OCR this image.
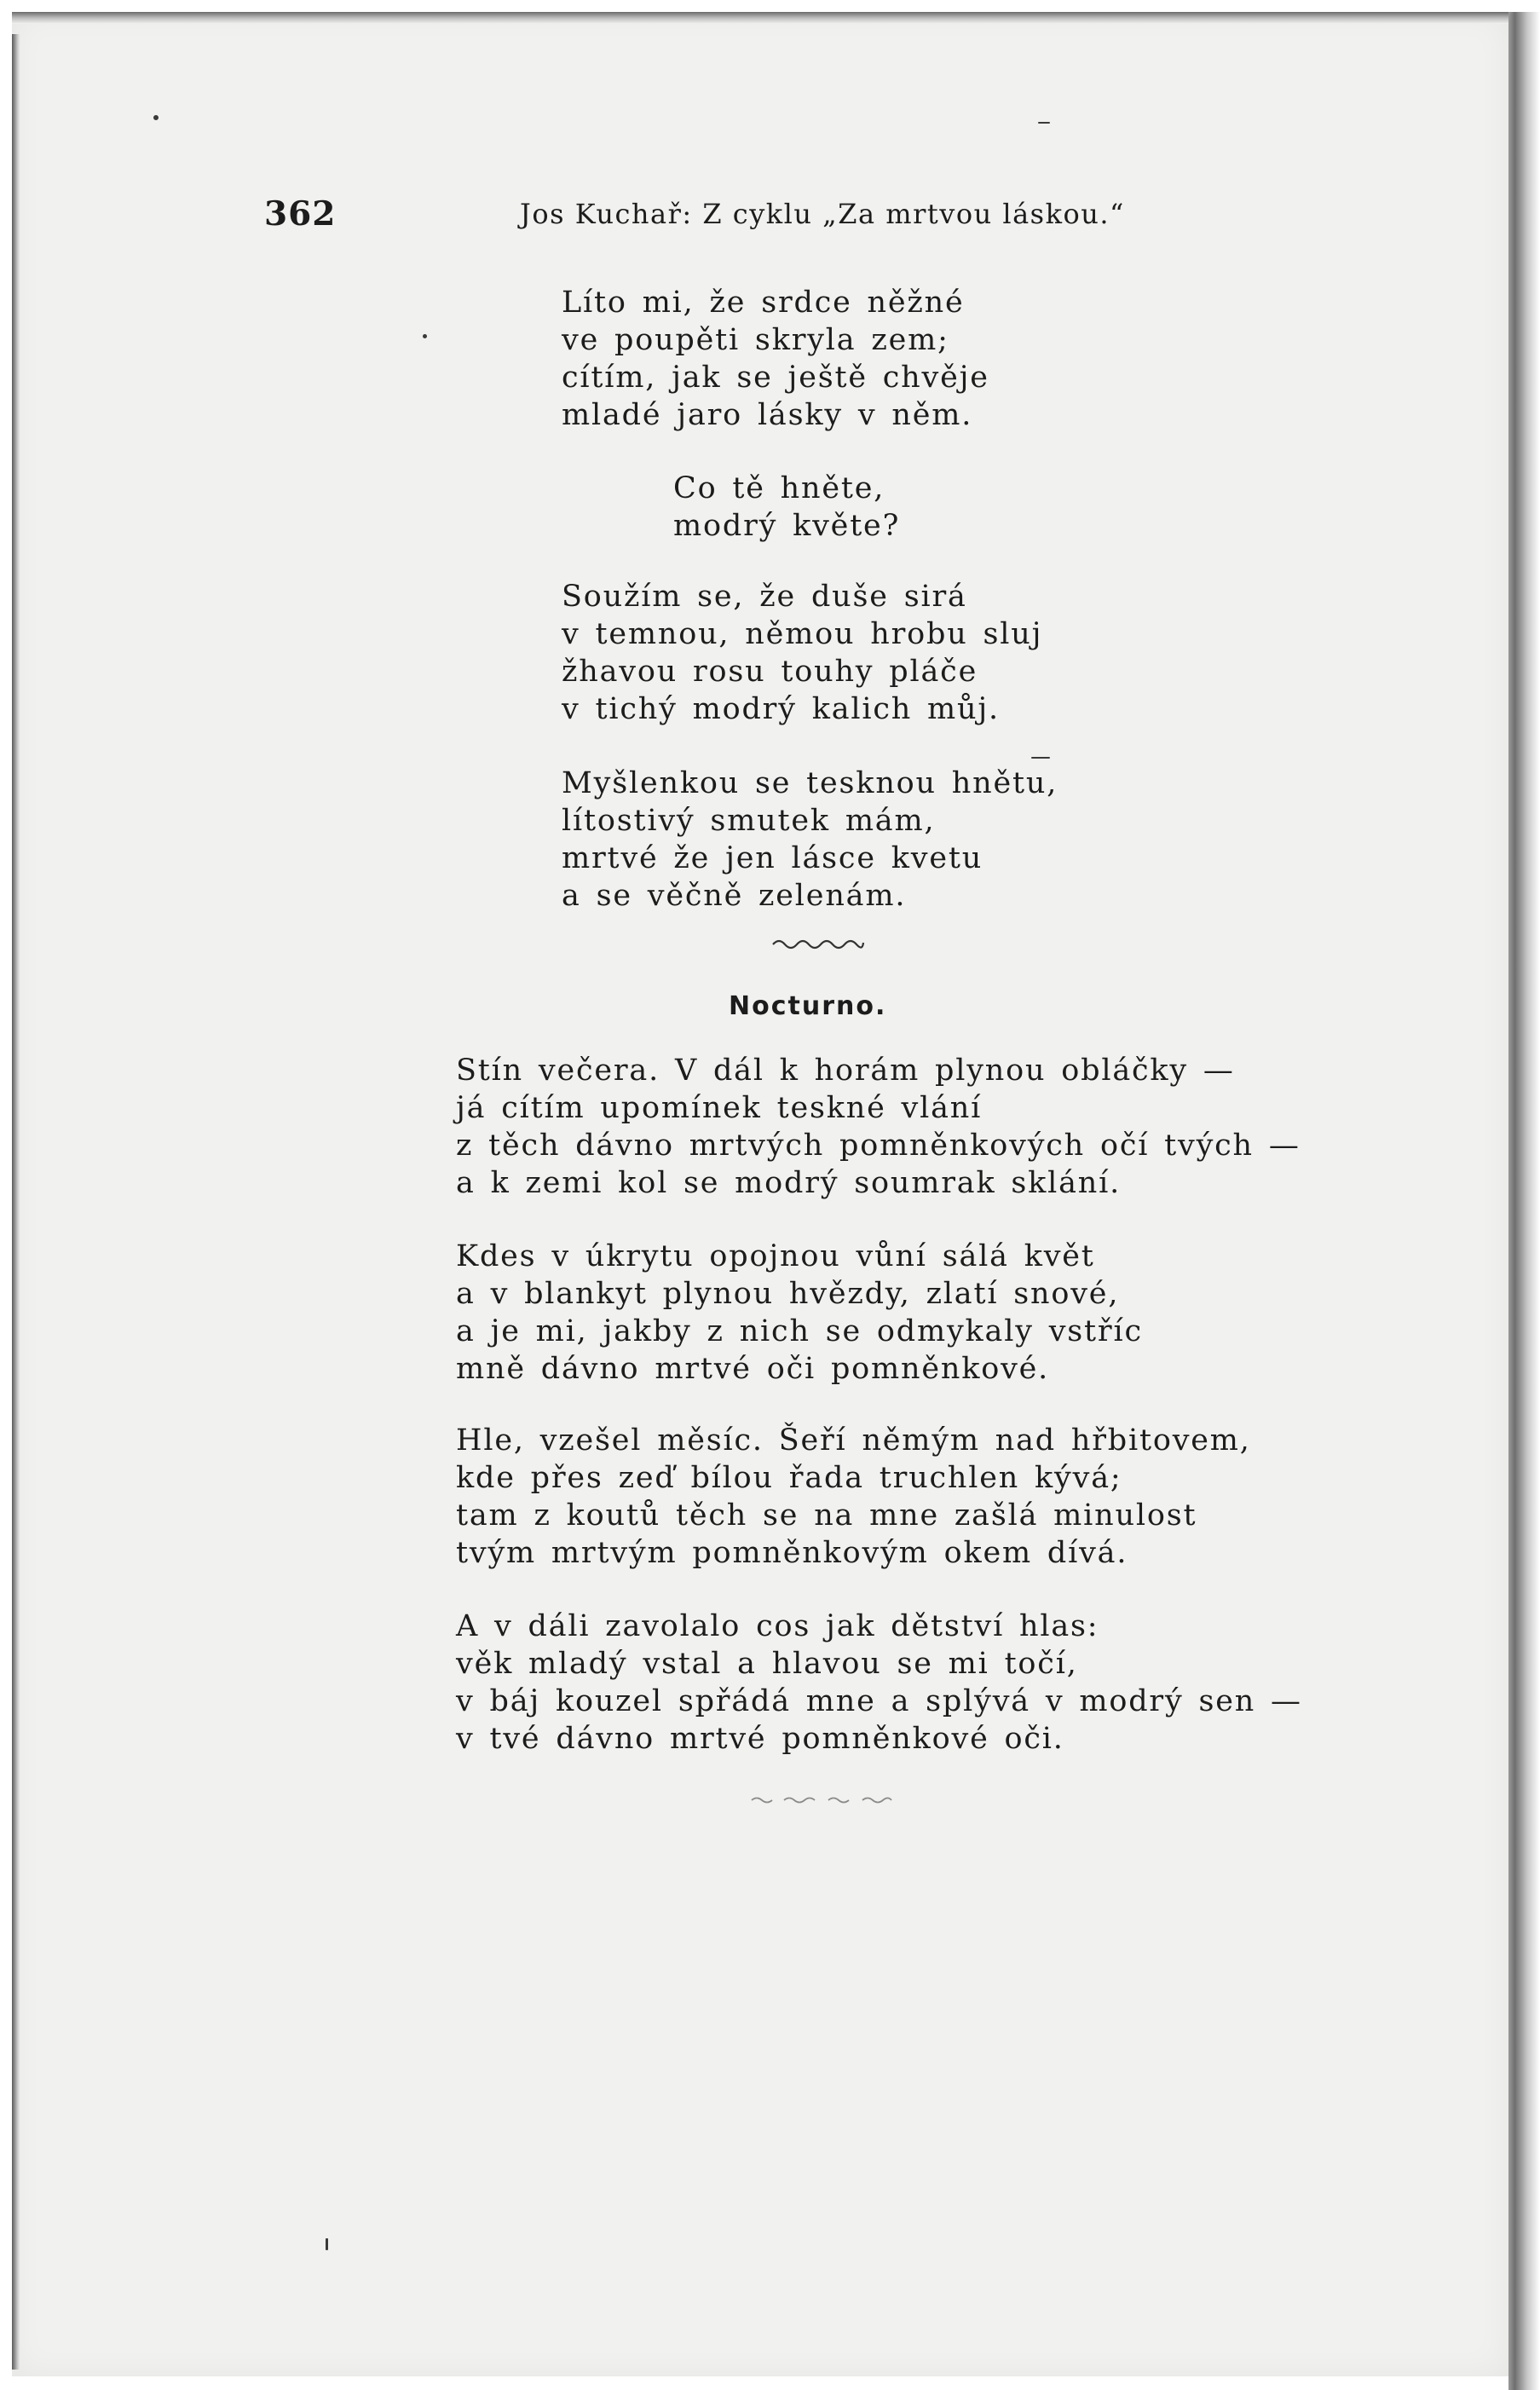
362	Jos Kuchař: Z cyklu „Za mrtvou láskou.“
Líto mi, že srdce něžné
ve poupěti skryla zem;
cítím, jak se ještě chvěje
mladé jaro lásky v něm.
Co tě hněte,
modrý květe?
Soužím se, že duše sirá
v temnou, němou hrobu sluj
žhavou rosu touhy pláče
v tichý modrý kalich můj.
Myšlenkou se tesknou hnětu,
lítostivý smutek mám,
mrtvé že jen lásce kvetu
a se věčně zelenám.
Nocturno.
Stín večera. V dál k horám plynou obláčky —
já cítím upomínek teskné vlání
z těch dávno mrtvých pomněnkových očí tvých —
a k zemi kol se modrý soumrak sklání.
Kdes v úkrytu opojnou vůní sálá květ
a v blankyt plynou hvězdy, zlatí snové,
a je mi, jakby z nich se odmykaly vstříc
mně dávno mrtvé oči pomněnkové.
Hle, vzešel měsíc. Šeří němým nad hřbitovem,
kde přes zeď bílou řada truchlen kývá;
tam z koutů těch se na mne zašlá minulost
tvým mrtvým pomněnkovým okem dívá.
A v dáli zavolalo cos jak dětství hlas:
věk mladý vstal a hlavou se mi točí,
v báj kouzel spřádá mne a splývá v modrý sen —
v tvé dávno mrtvé pomněnkové oči.
